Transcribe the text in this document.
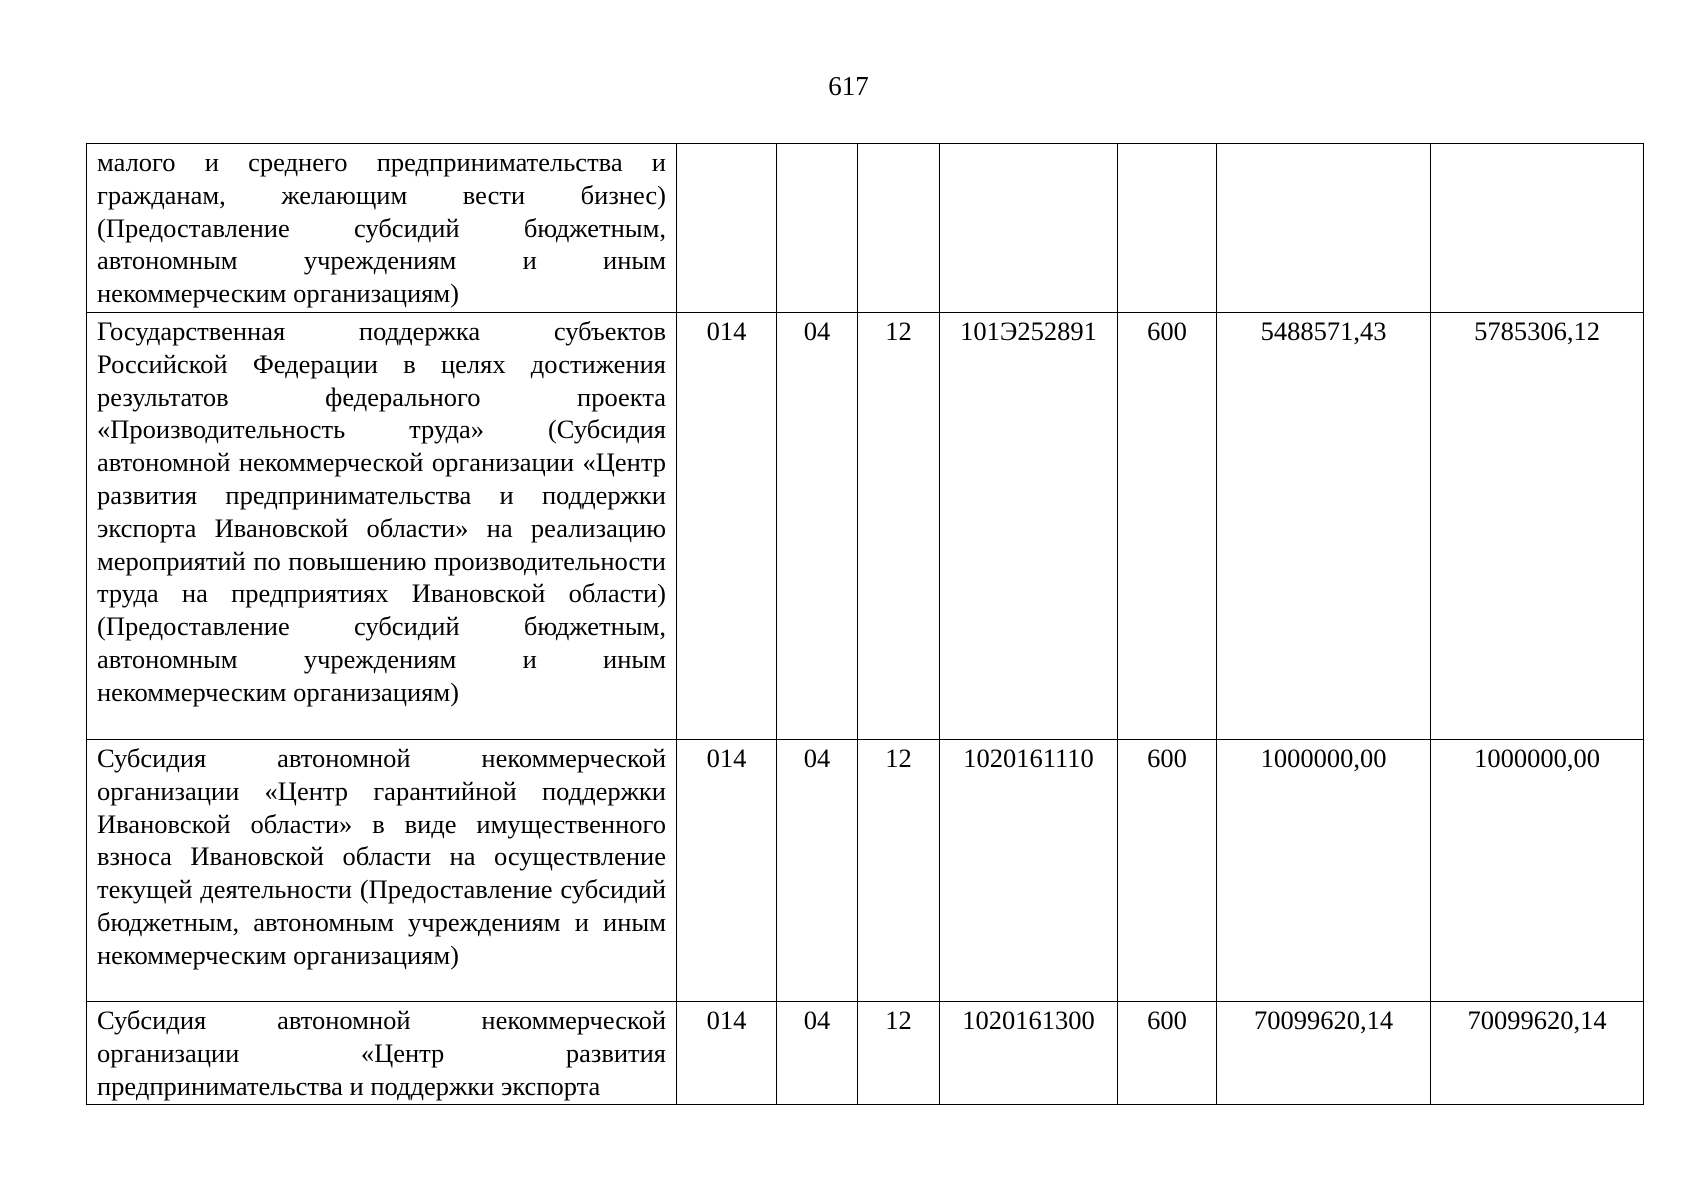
617
малого и среднего предпринимательства и гражданам, желающим вести бизнес) (Предоставление субсидий бюджетным, автономным учреждениям и иным некоммерческим организациям)							
Государственная поддержка субъектов Российской Федерации в целях достижения результатов федерального проекта «Производительность труда» (Субсидия автономной некоммерческой организации «Центр развития предпринимательства и поддержки экспорта Ивановской области» на реализацию мероприятий по повышению производительности труда на предприятиях Ивановской области) (Предоставление субсидий бюджетным, автономным учреждениям и иным некоммерческим организациям)	014	04	12	101Э252891	600	5488571,43	5785306,12
Субсидия автономной некоммерческой организации «Центр гарантийной поддержки Ивановской области» в виде имущественного взноса Ивановской области на осуществление текущей деятельности (Предоставление субсидий бюджетным, автономным учреждениям и иным некоммерческим организациям)	014	04	12	1020161110	600	1000000,00	1000000,00
Субсидия автономной некоммерческой организации «Центр развития предпринимательства и поддержки экспорта	014	04	12	1020161300	600	70099620,14	70099620,14
